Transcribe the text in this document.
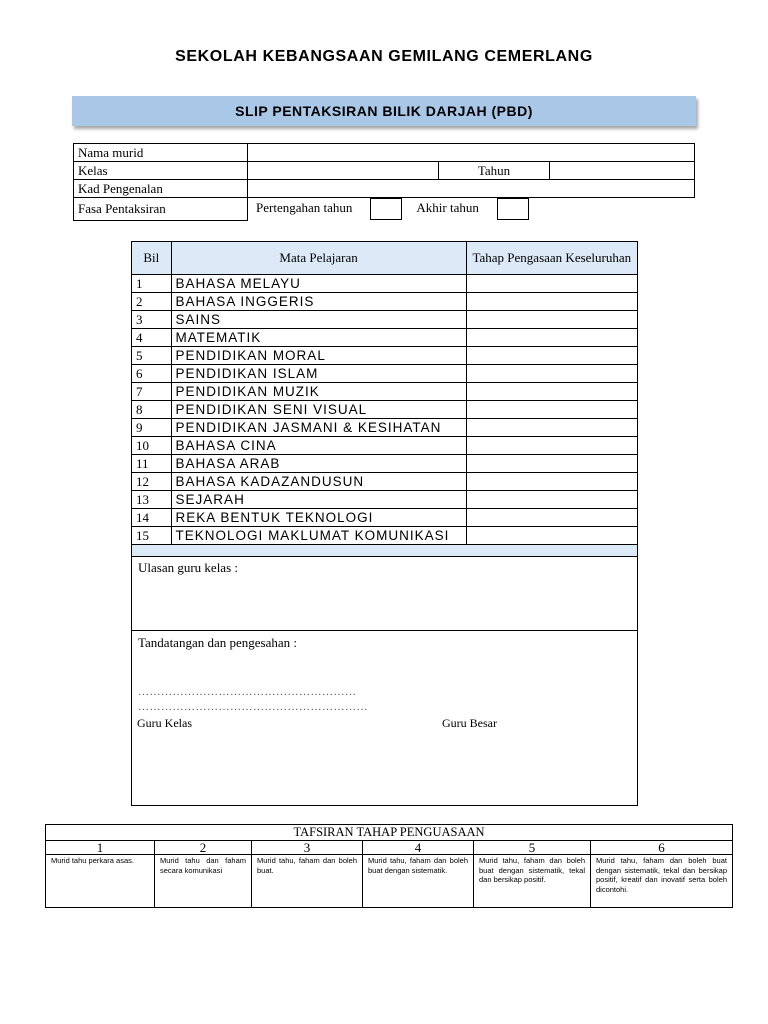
SEKOLAH KEBANGSAAN GEMILANG CEMERLANG
SLIP PENTAKSIRAN BILIK DARJAH (PBD)
Nama murid			
Kelas		Tahun	
Kad Pengenalan			
Fasa Pentaksiran	Pertengahan tahun Akhir tahun		
Bil	Mata Pelajaran	Tahap Pengasaan Keseluruhan
1	BAHASA MELAYU	
2	BAHASA INGGERIS	
3	SAINS	
4	MATEMATIK	
5	PENDIDIKAN MORAL	
6	PENDIDIKAN ISLAM	
7	PENDIDIKAN MUZIK	
8	PENDIDIKAN SENI VISUAL	
9	PENDIDIKAN JASMANI & KESIHATAN	
10	BAHASA CINA	
11	BAHASA ARAB	
12	BAHASA KADAZANDUSUN	
13	SEJARAH	
14	REKA BENTUK TEKNOLOGI	
15	TEKNOLOGI MAKLUMAT KOMUNIKASI	

Ulasan guru kelas :		
Tandatangan dan pengesahan :
…………………………………………………
……………………………………………………
Guru Kelas Guru Besar		
TAFSIRAN TAHAP PENGUASAAN					
1	2	3	4	5	6
Murid tahu perkara asas.	Murid tahu dan faham secara komunikasi	Murid tahu, faham dan boleh buat.	Murid tahu, faham dan boleh buat dengan sistematik.	Murid tahu, faham dan boleh buat dengan sistematik, tekal dan bersikap positif.	Murid tahu, faham dan boleh buat dengan sistematik, tekal dan bersikap positif, kreatif dan inovatif serta boleh dicontohi.
